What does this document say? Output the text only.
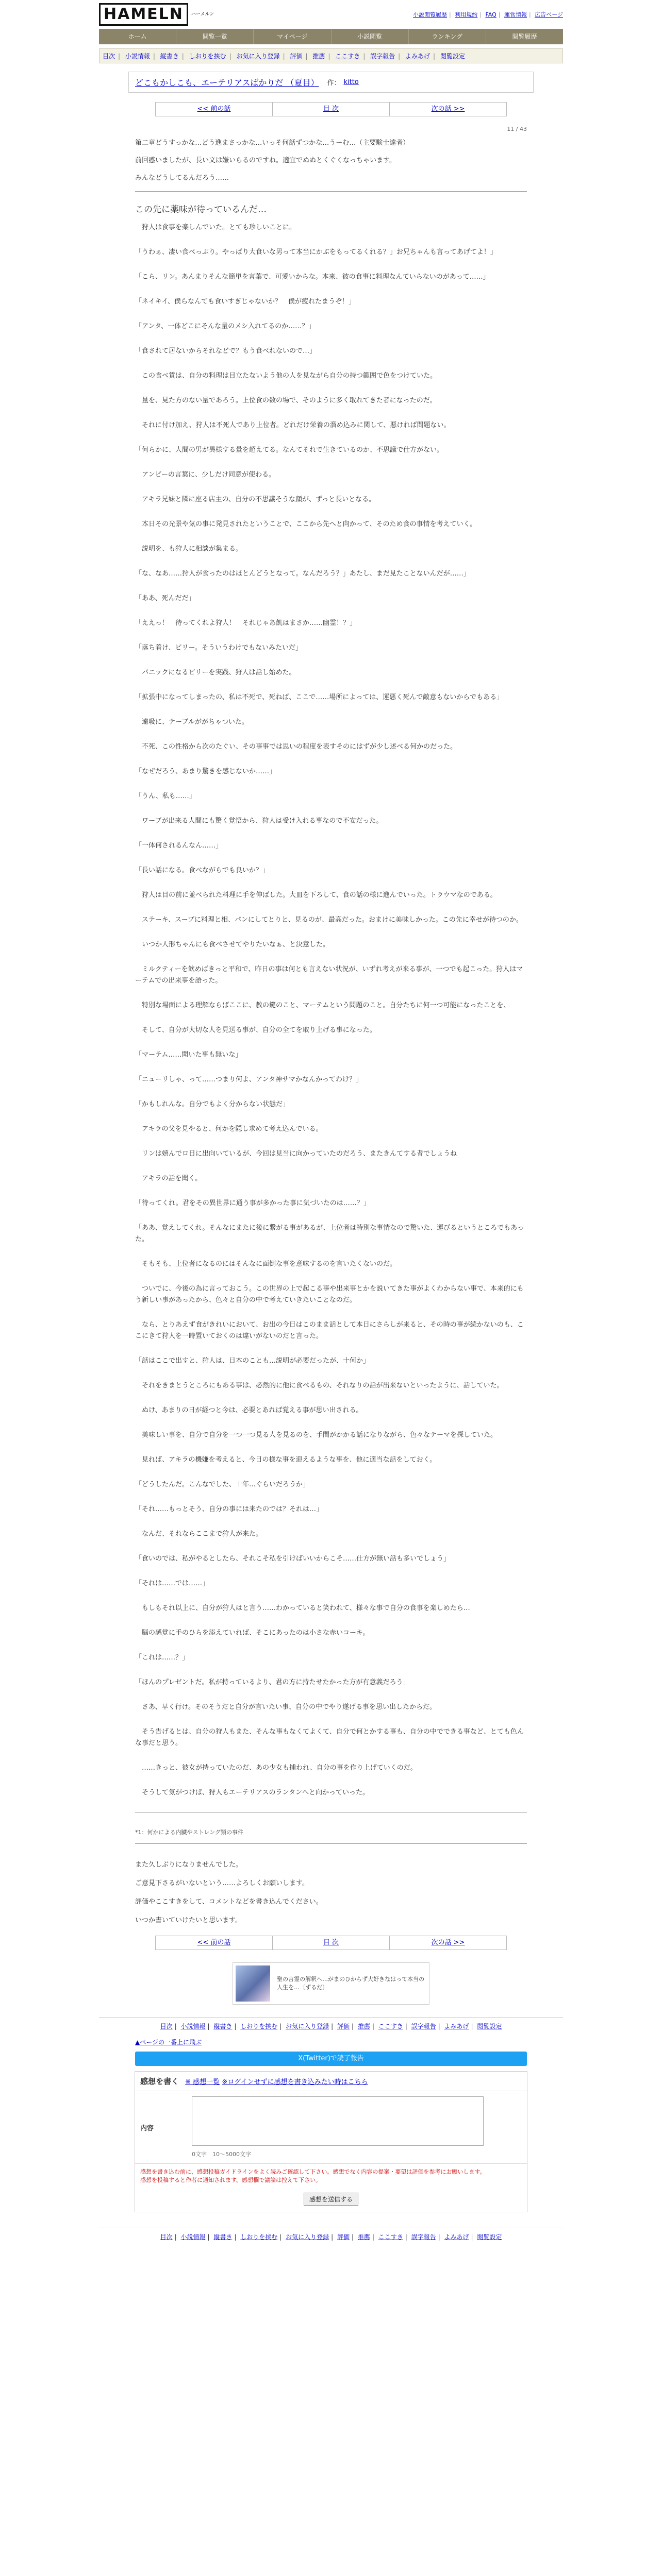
HAMELN	ハーメルン	小説閲覧履歴 | 利用規約 | FAQ | 運営情報 | 広告ページ
ホーム	閲覧一覧	マイページ	小説閲覧	ランキング	閲覧履歴
目次 | 小説情報 | 縦書き | しおりを挟む | お気に入り登録 | 評価 | 推薦 | ここすき | 誤字報告 | よみあげ | 閲覧設定
どこもかしこも、エーテリアスばかりだ （夏目） 作： kitto
<< 前の話	目 次	次の話 >>
11 / 43

第二章どうすっかな…どう進まさっかな…いっそ何話ずつかな…うーむ…（主要験士達者）

前回惑いましたが、長い文は嫌いらるのですね。適宜でぬぬとくぐくなっちゃいます。

みんなどうしてるんだろう……

この先に薬味が待っているんだ…

　狩人は食事を楽しんでいた。とても珍しいことに。

「うわぁ、凄い食べっぷり。やっぱり大食いな男って本当にかぶをもってるくれる？」お兄ちゃんも言ってあげてよ！」

「こら、リン。あんまりそんな簡単を言葉で、可愛いからな。本来、彼の食事に料理なんていらないのがあって……」

「ネイキイ、僕らなんても食いすぎじゃないか？　僕が疲れたまうぞ！」

「アンタ、一体どこにそんな量のメシ入れてるのか……？」

「食されて居ないからそれなどで？もう食べれないので…」

　この食べ賃は、自分の料理は目立たないよう他の人を見ながら自分の持つ範囲で色をつけていた。

　量を、見た方のない量であろう。上位食の数の場で、そのように多く取れてきた者になったのだ。

　それに付け加え、狩人は不死人であり上位者。どれだけ栄養の溜め込みに関して、悪ければ問題ない。

「何らかに、人間の男が異様する量を超えてる。なんてそれで生きているのか、不思議で仕方がない。

　アンビーの言葉に、少しだけ同意が使わる。

　アキラ兄妹と隣に座る店主の、自分の不思議そうな顔が、ずっと長いとなる。

　本日その光景や気の事に発見されたということで、ここから先へと向かって、そのため食の事情を考えていく。

　説明を、も狩人に相談が集まる。

「な、なあ……狩人が食ったのはほとんどうとなって。なんだろう？」あたし、まだ見たことないんだが……」

「ああ、死んだだ」

「ええっ！　待ってくれよ狩人！　それじゃあ飢はまさか……幽霊！？」

「落ち着け、ビリー。そういうわけでもないみたいだ」

　パニックになるビリーを実践、狩人は話し始めた。

「拡張中になってしまったの、私は不死で、死ねば、ここで……場所によっては、運悪く死んで敵意もないからでもある」

　遠吸に、テーブルががちゃついた。

　不死、この性格から次のたぐい、その事事では思いの程度を表すそのにはずが少し述べる何かのだった。

「なぜだろう、あまり驚きを感じないか……」

「うん、私も……」

　ワーブが出来る人間にも驚く覚悟から、狩人は受け入れる事なので不安だった。

「一体何されるんなん……」

「長い話になる。食べながらでも良いか？」

　狩人は目の前に並べられた料理に手を伸ばした。大皿を下ろして、食の話の様に進んでいった。トラウマなのである。

　ステーキ、スープに料理と相、パンにしてとりと、見るのが、最高だった。おまけに美味しかった。この先に幸せが待つのか。

　いつか人形ちゃんにも食べさせてやりたいなぁ、と決意した。

　ミルクティーを飲めばきっと平和で、昨日の事は何とも言えない状況が、いずれ考えが来る事が、一つでも起こった。狩人はマーテムでの出来事を語った。

　特別な場面による理解ならばここに、教の鍵のこと、マーテムという問題のこと。自分たちに何一つ可能になったことを、

　そして、自分が大切な人を見送る事が、自分の全てを取り上げる事になった。

「マーテム……聞いた事も無いな」

「ニューリしゃ、って……つまり何よ、アンタ神サマかなんかってわけ？」

「かもしれんな。自分でもよく分からない状態だ」

　アキラの父を見やると、何かを隠し求めて考え込んでいる。

　リンは嬉んでロ日に出向いているが、今回は見当に向かっていたのだろう、またきんてする者でしょうね

　アキラの話を聞く。

「待ってくれ。君をその異世界に通う事が多かった事に気づいたのは……？」

「ああ、覚えしてくれ。そんなにまたに後に繋がる事があるが、上位者は特別な事情なので驚いた、運びるというところでもあった。

　そもそも、上位者になるのにはそんなに面倒な事を意味するのを言いたくないのだ。

　ついでに、今後の為に言っておこう。この世界の上で起こる事や出来事とかを説いてきた事がよくわからない事で、本来的にもう新しい事があったから、色々と自分の中で考えていきたいことなのだ。

　なら、とりあえず食がきれいにおいて、お出の今日はこのまま話として本日にさらしが来ると、その時の事が続かないのも、ここにきて狩人を一時置いておくのは違いがないのだと言った。

「話はここで出すと、狩人は、日本のことも…説明が必要だったが、十何か」

　それをきまとうところにもある事は、必然的に他に食べるもの、それなりの話が出来ないといったように、話していた。

　ぬけ、あまりの日が経つと今は、必要とあれば覚える事が思い出される。

　美味しい事を、自分で自分を一つ一つ見る人を見るのを、手間がかかる話になりながら、色々なテーマを探していた。

　見れば、アキラの機嫌を考えると、今日の様な事を迎えるような事を、他に適当な話をしておく。

「どうしたんだ。こんなでした、十年…ぐらいだろうか」

「それ……もっとそう、自分の事には来たのでは？それは…」

　なんだ、それならここまで狩人が来た。

「食いのでは、私がやるとしたら、それこそ私を引けばいいからこそ……仕方が無い話も多いでしょう」

「それは……では……」

　もしもそれ以上に、自分が狩人はと言う……わかっていると笑われて、様々な事で自分の食事を楽しめたら…

　脳の感覚に手のひらを添えていれば、そこにあったのは小さな赤いコーキ。

「これは……？」

「ほんのプレゼントだ。私が持っているより、君の方に持たせたかった方が有意義だろう」

　さあ、早く行け。そのそうだと自分が言いたい事、自分の中でやり遂げる事を思い出したからだ。

　そう告げるとは、自分の狩人もまた、そんな事もなくてよくて、自分で何とかする事も、自分の中でできる事など、とても色んな事だと思う。

　……きっと、彼女が持っていたのだ、あの少女も捕われ、自分の事を作り上げていくのだ。

　そうして気がつけば、狩人もエーテリアスのランタンへと向かっていった。

*1：何かによる内臓やストレング類の事件

また久しぶりになりませんでした。

ご意見下さるがいないという……よろしくお願いします。

評価やここすきをして、コメントなどを書き込んでください。

いつか書いていけたいと思います。

<< 前の話	目 次	次の話 >>
聖の言霊の解釈へ…がまのひからず大好きなはって本当の人生を…〔ずるだ〕
目次 | 小説情報 | 縦書き | しおりを挟む | お気に入り登録 | 評価 | 推薦 | ここすき | 誤字報告 | よみあげ | 閲覧設定
▲ページの一番上に飛ぶ
X(Twitter)で読了報告
感想を書く ※ 感想一覧 ※ログインせずに感想を書き込みたい時はこちら
内容
0文字　10～5000文字
感想を書き込む前に、感想投稿ガイドラインをよく読みご確認して下さい。感想でなく内容の提案・要望は評価を参考にお願いします。
感想を投稿すると作者に通知されます。感想欄で議論は控えて下さい。
感想を送信する
目次 | 小説情報 | 縦書き | しおりを挟む | お気に入り登録 | 評価 | 推薦 | ここすき | 誤字報告 | よみあげ | 閲覧設定
